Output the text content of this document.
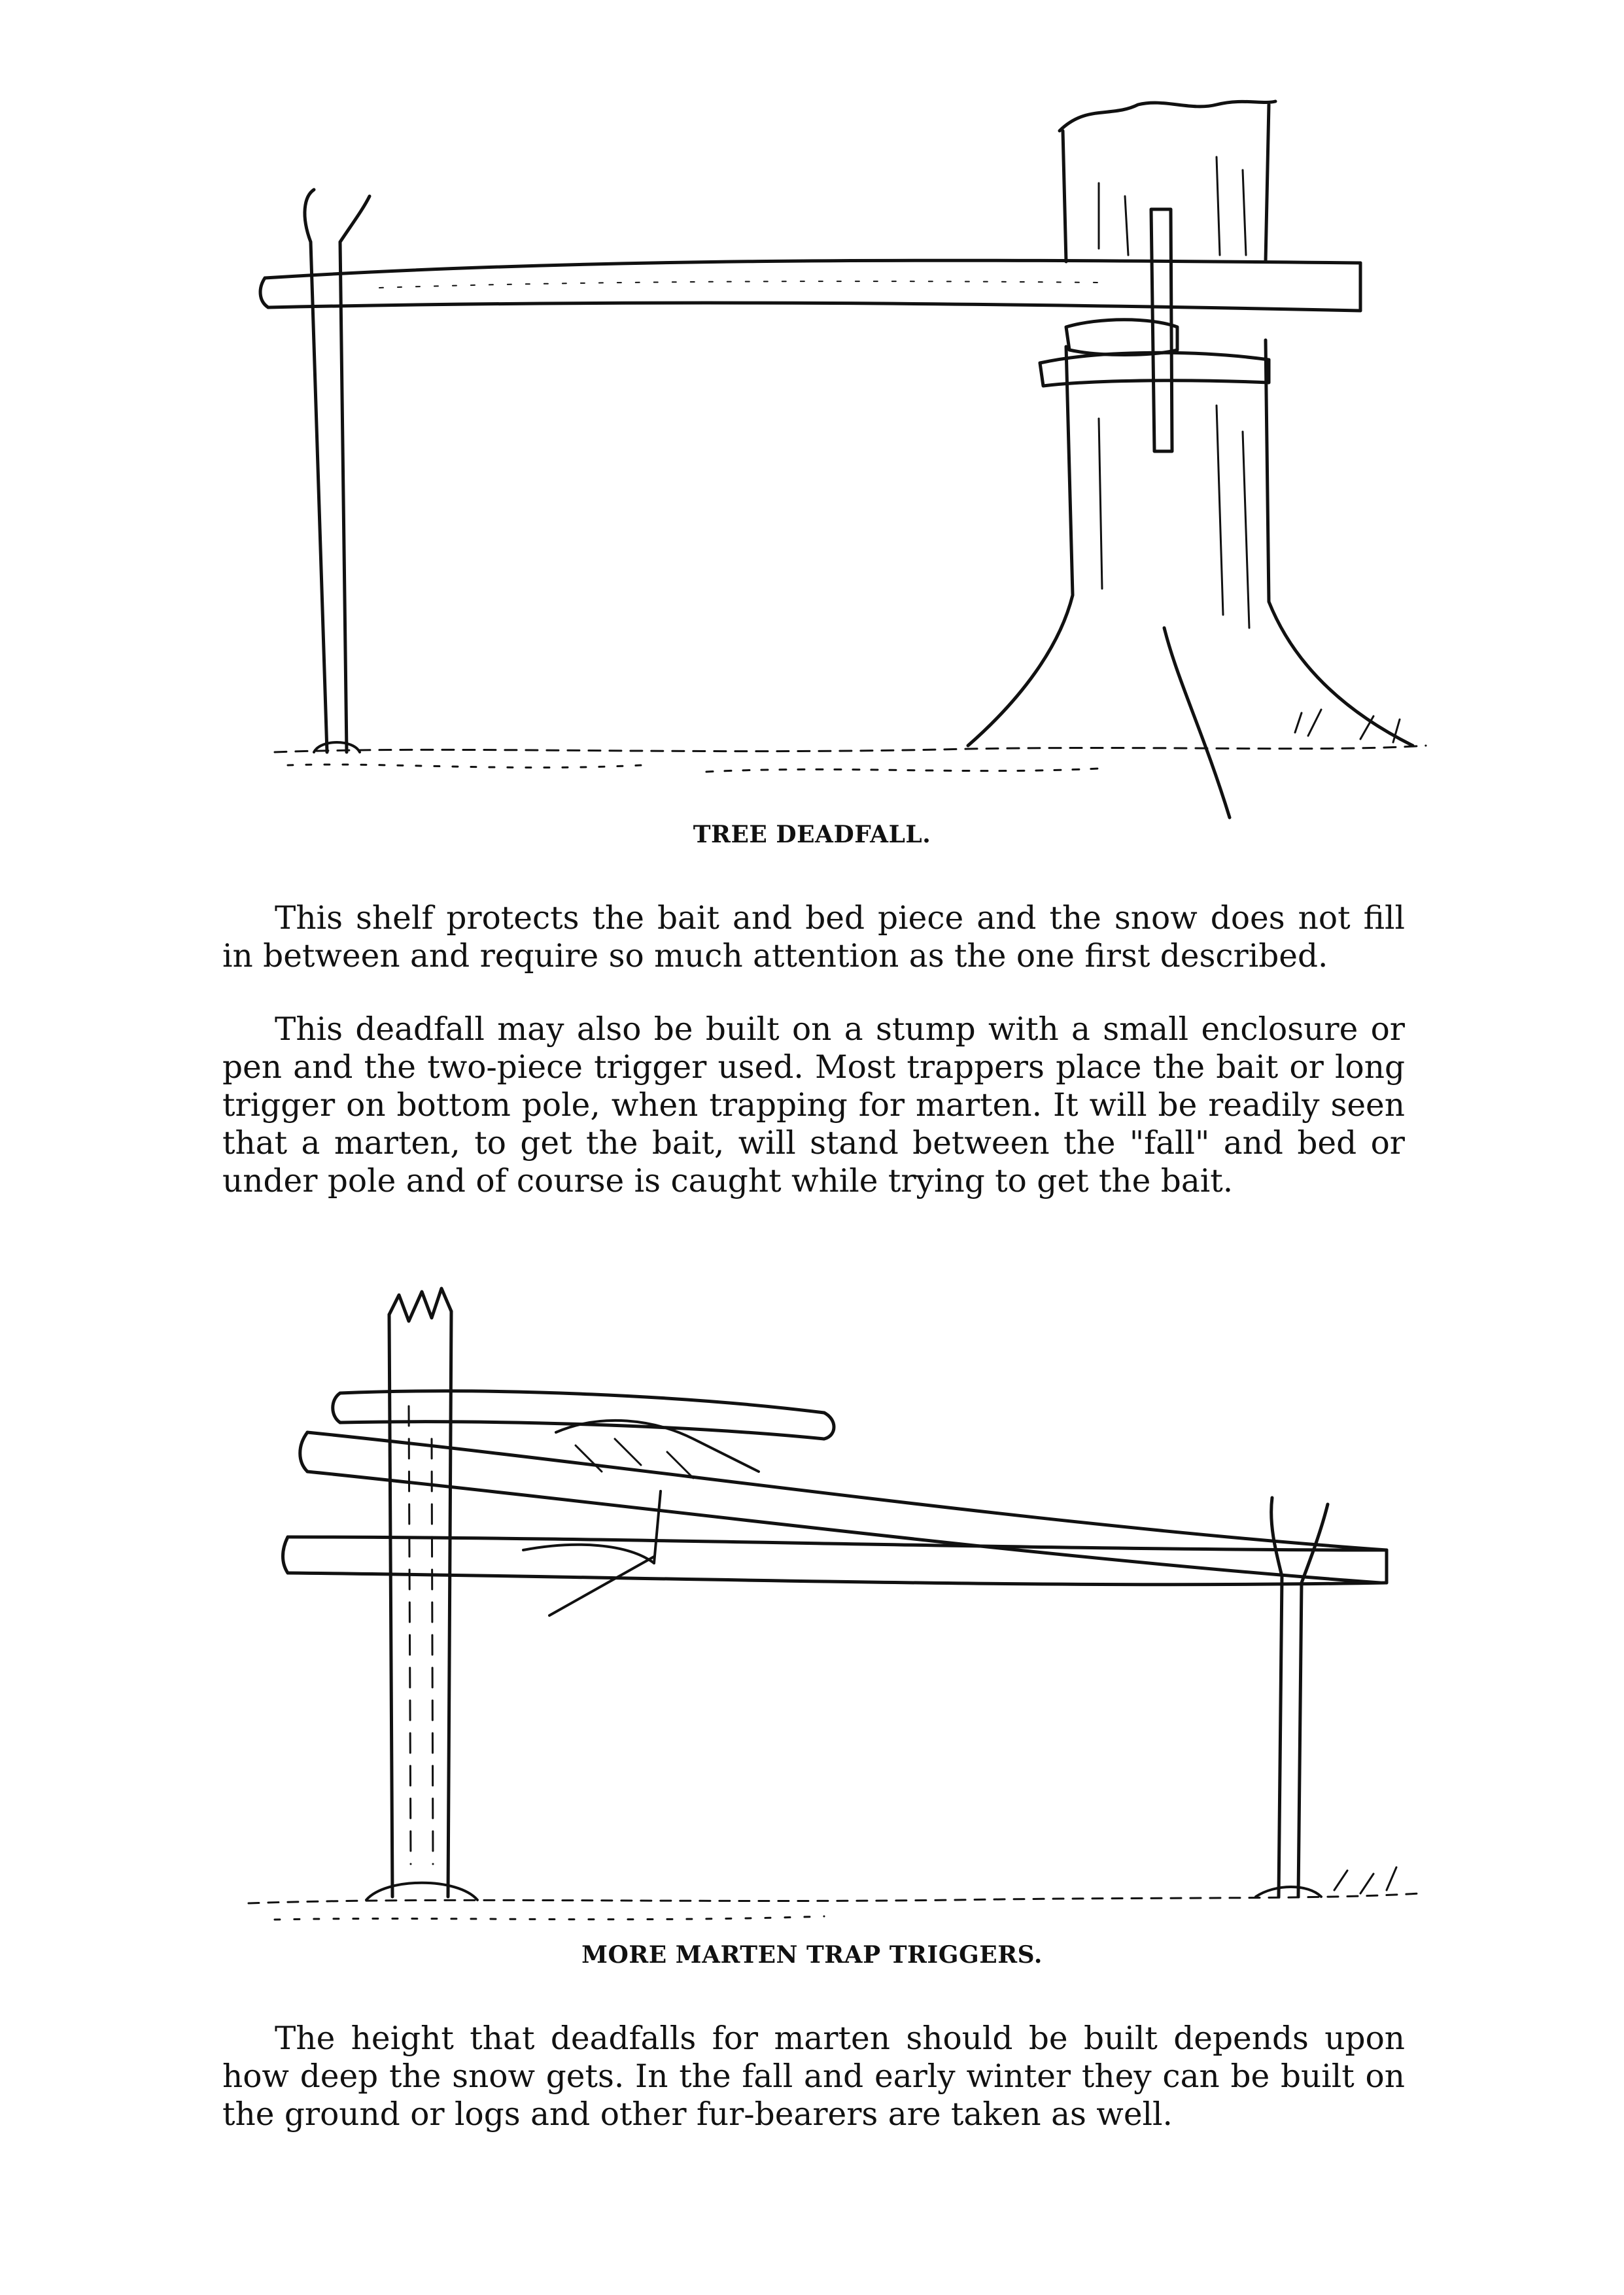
TREE DEADFALL.

This shelf protects the bait and bed piece and the snow does not fill in between and require so much attention as the one first described.

This deadfall may also be built on a stump with a small enclosure or pen and the two-piece trigger used. Most trappers place the bait or long trigger on bottom pole, when trapping for marten. It will be readily seen that a marten, to get the bait, will stand between the "fall" and bed or under pole and of course is caught while trying to get the bait.

MORE MARTEN TRAP TRIGGERS.

The height that deadfalls for marten should be built depends upon how deep the snow gets. In the fall and early winter they can be built on the ground or logs and other fur-bearers are taken as well.
